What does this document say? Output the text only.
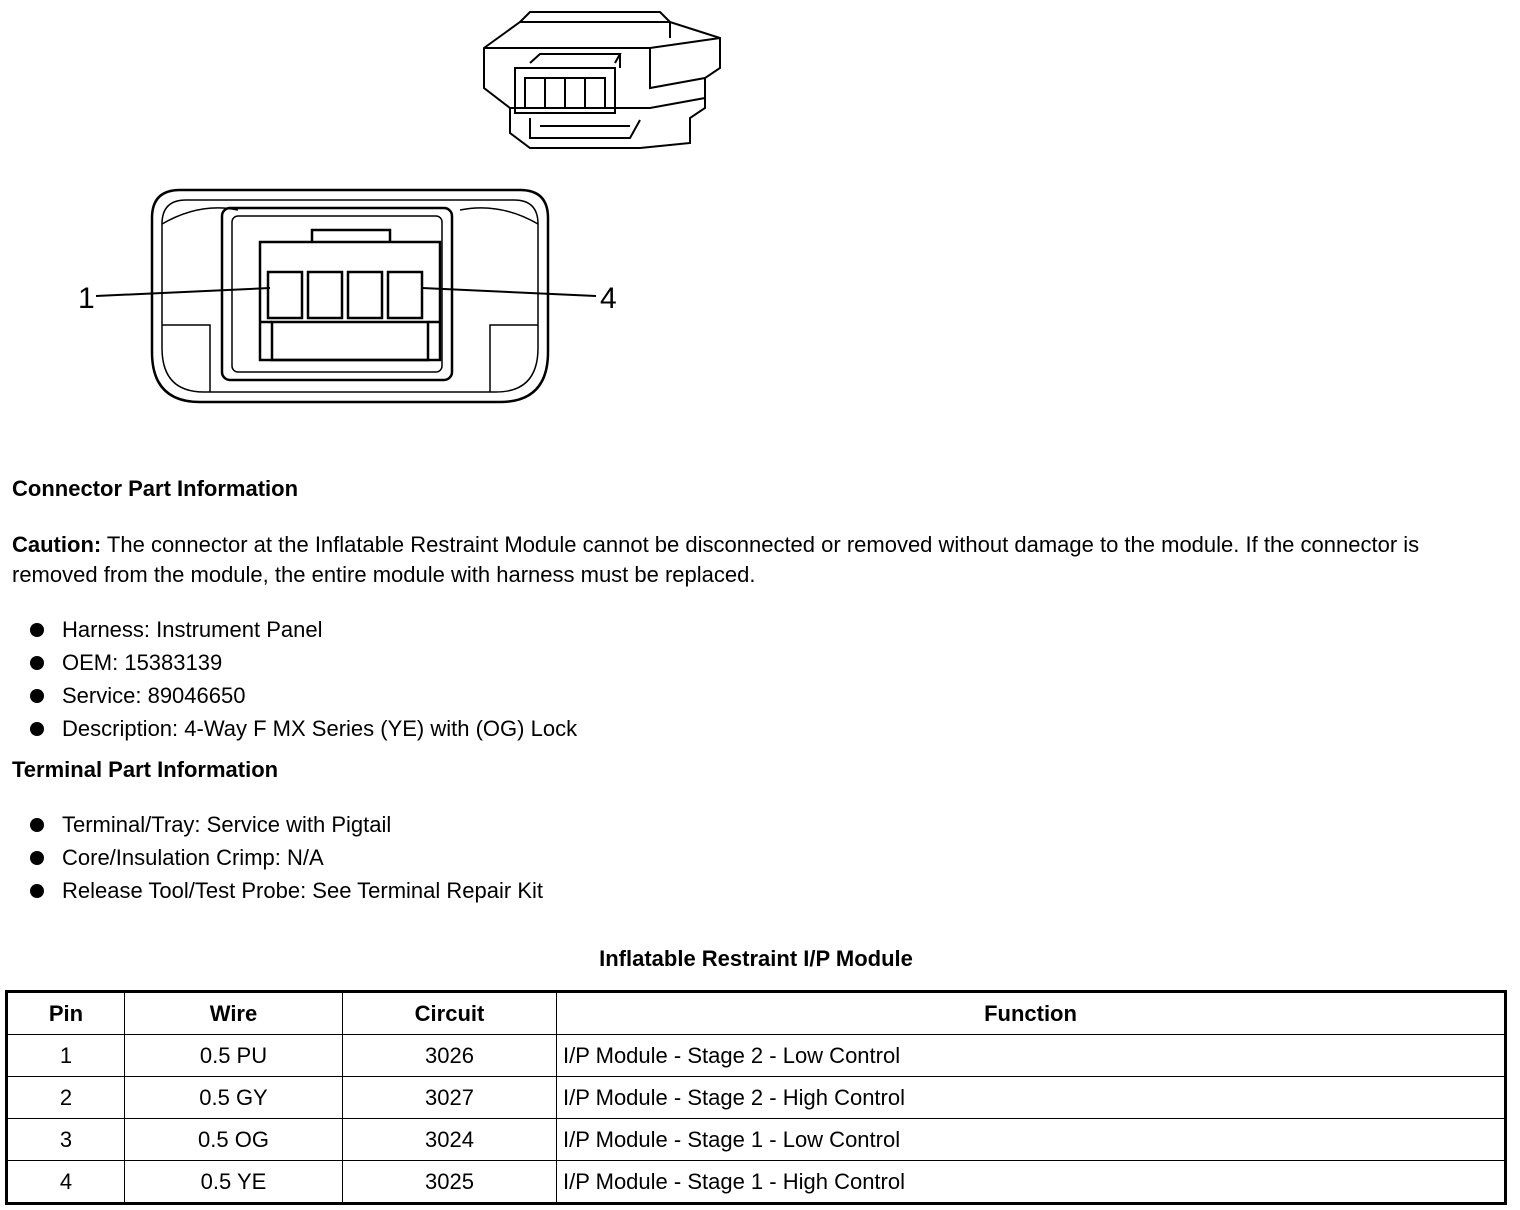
1	4
Connector Part Information
Caution: The connector at the Inflatable Restraint Module cannot be disconnected or removed without damage to the module. If the connector is removed from the module, the entire module with harness must be replaced.
Harness: Instrument Panel
OEM: 15383139
Service: 89046650
Description: 4-Way F MX Series (YE) with (OG) Lock
Terminal Part Information
Terminal/Tray: Service with Pigtail
Core/Insulation Crimp: N/A
Release Tool/Test Probe: See Terminal Repair Kit
Inflatable Restraint I/P Module
Pin	Wire	Circuit	Function
1	0.5 PU	3026	I/P Module - Stage 2 - Low Control
2	0.5 GY	3027	I/P Module - Stage 2 - High Control
3	0.5 OG	3024	I/P Module - Stage 1 - Low Control
4	0.5 YE	3025	I/P Module - Stage 1 - High Control
